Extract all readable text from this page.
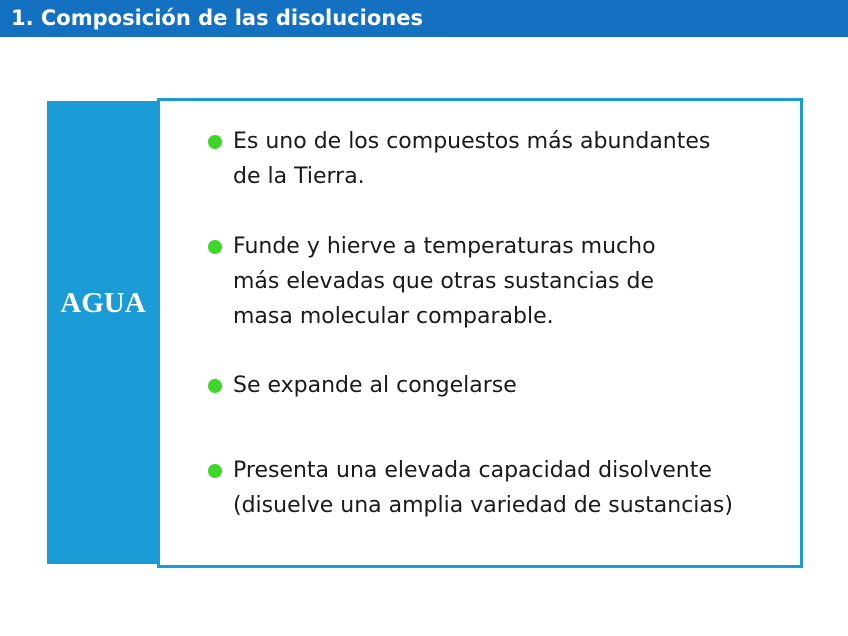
1. Composición de las disoluciones
AGUA
Es uno de los compuestos más abundantes
de la Tierra.
Funde y hierve a temperaturas mucho
más elevadas que otras sustancias de
masa molecular comparable.
Se expande al congelarse
Presenta una elevada capacidad disolvente
(disuelve una amplia variedad de sustancias)
